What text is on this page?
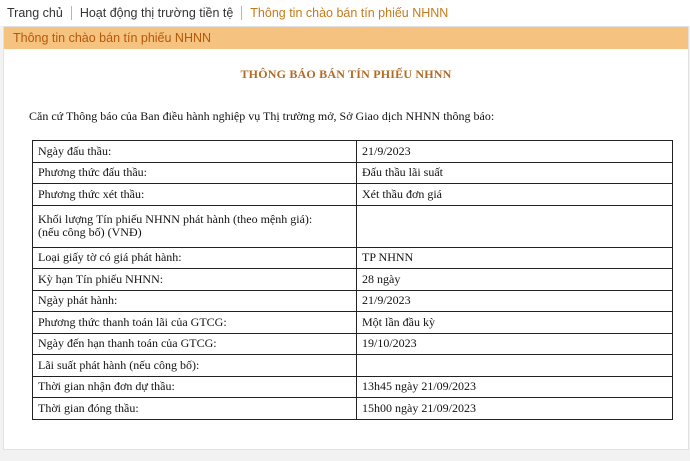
Trang chủ	Hoạt động thị trường tiền tệ	Thông tin chào bán tín phiếu NHNN
Thông tin chào bán tín phiếu NHNN
THÔNG BÁO BÁN TÍN PHIẾU NHNN
Căn cứ Thông báo của Ban điều hành nghiệp vụ Thị trường mở, Sở Giao dịch NHNN thông báo:
Ngày đấu thầu:	21/9/2023
Phương thức đấu thầu:	Đấu thầu lãi suất
Phương thức xét thầu:	Xét thầu đơn giá

Khối lượng Tín phiếu NHNN phát hành (theo mệnh giá):
(nếu công bố) (VNĐ)	

Loại giấy tờ có giá phát hành:	TP NHNN
Kỳ hạn Tín phiếu NHNN:	28 ngày
Ngày phát hành:	21/9/2023
Phương thức thanh toán lãi của GTCG:	Một lần đầu kỳ
Ngày đến hạn thanh toán của GTCG:	19/10/2023
Lãi suất phát hành (nếu công bố):	
Thời gian nhận đơn dự thầu:	13h45 ngày 21/09/2023
Thời gian đóng thầu:	15h00 ngày 21/09/2023
